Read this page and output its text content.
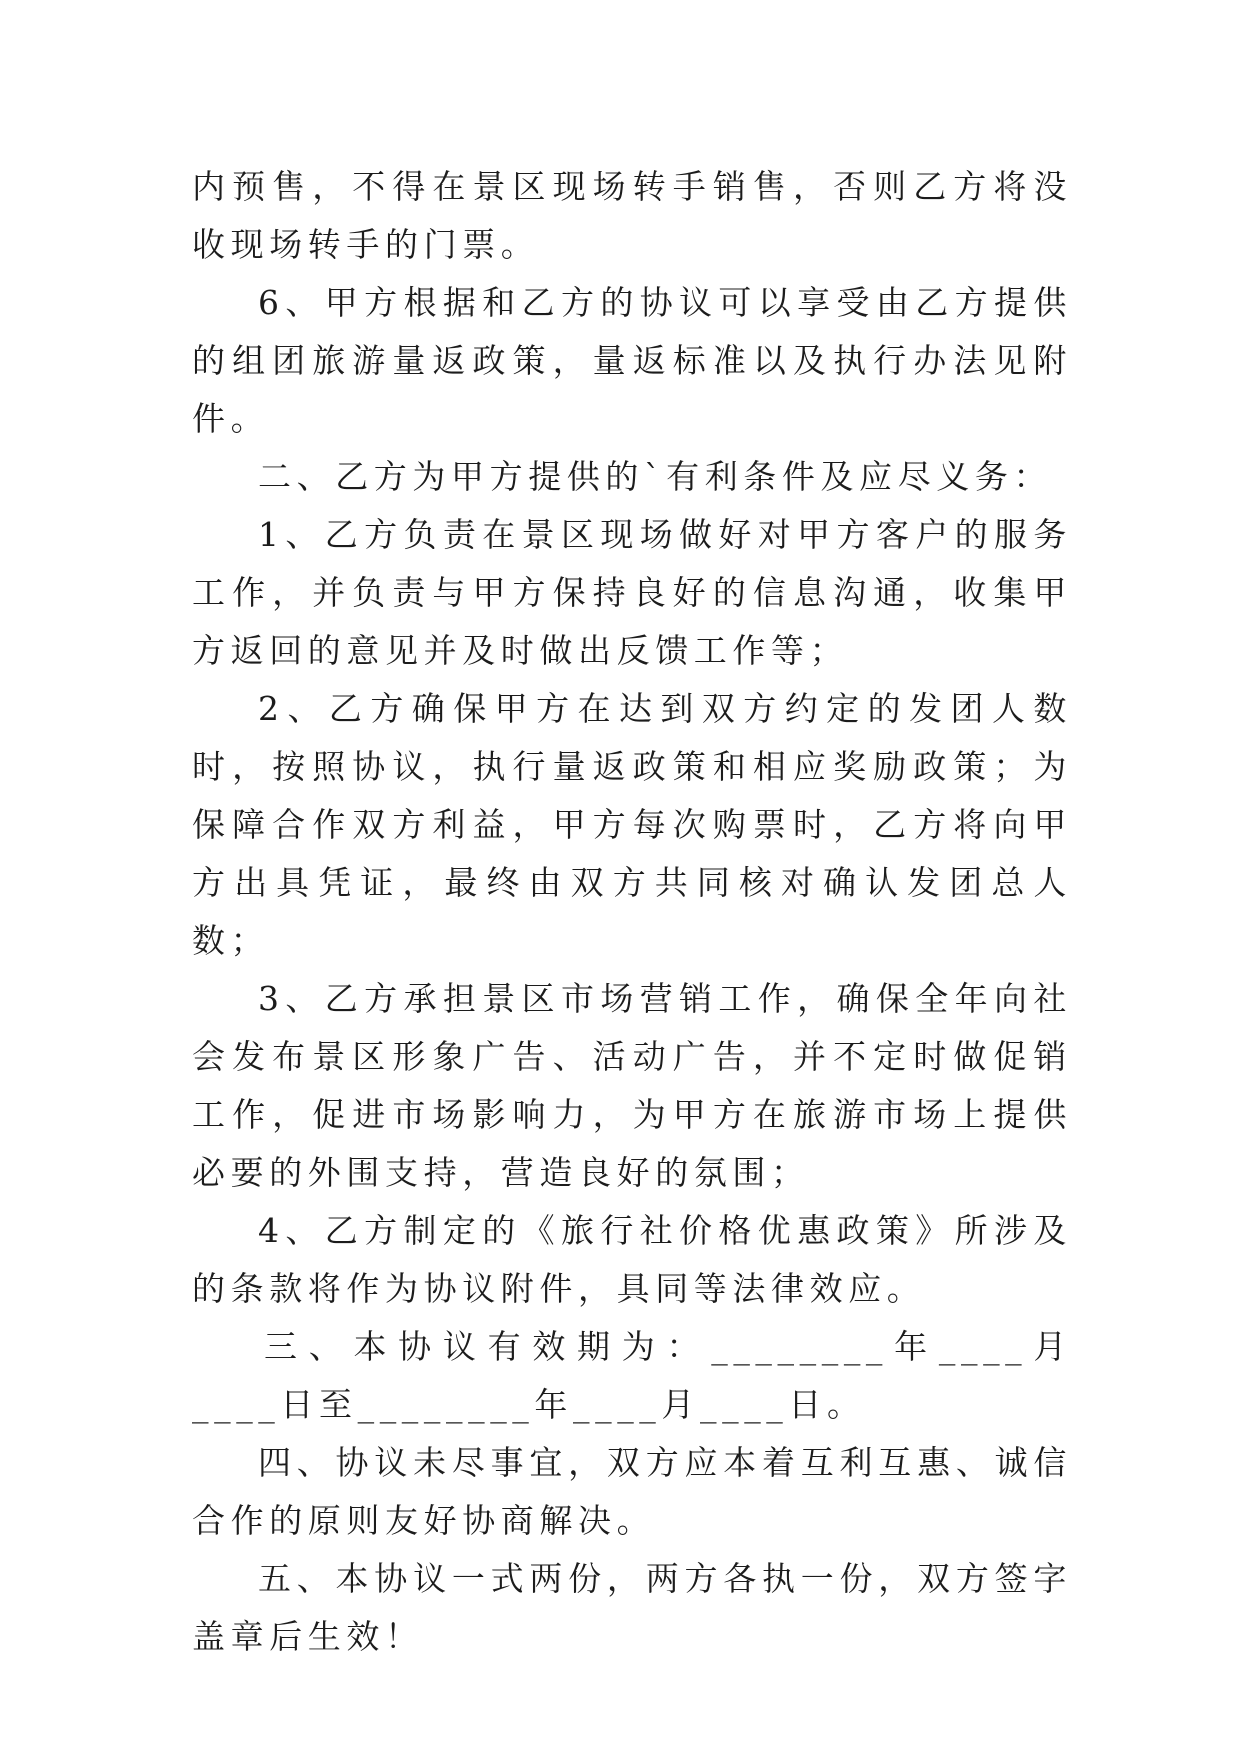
内预售，不得在景区现场转手销售，否则乙方将没收现场转手的门票。

6、甲方根据和乙方的协议可以享受由乙方提供的组团旅游量返政策，量返标准以及执行办法见附件。

二、乙方为甲方提供的`有利条件及应尽义务：

1、乙方负责在景区现场做好对甲方客户的服务工作，并负责与甲方保持良好的信息沟通，收集甲方返回的意见并及时做出反馈工作等；

2、乙方确保甲方在达到双方约定的发团人数时，按照协议，执行量返政策和相应奖励政策；为保障合作双方利益，甲方每次购票时，乙方将向甲方出具凭证，最终由双方共同核对确认发团总人数；

3、乙方承担景区市场营销工作，确保全年向社会发布景区形象广告、活动广告，并不定时做促销工作，促进市场影响力，为甲方在旅游市场上提供必要的外围支持，营造良好的氛围；

4、乙方制定的《旅行社价格优惠政策》所涉及的条款将作为协议附件，具同等法律效应。

三、本协议有效期为：________年____月____日至________年____月____日。

四、协议未尽事宜，双方应本着互利互惠、诚信合作的原则友好协商解决。

五、本协议一式两份，两方各执一份，双方签字盖章后生效！
